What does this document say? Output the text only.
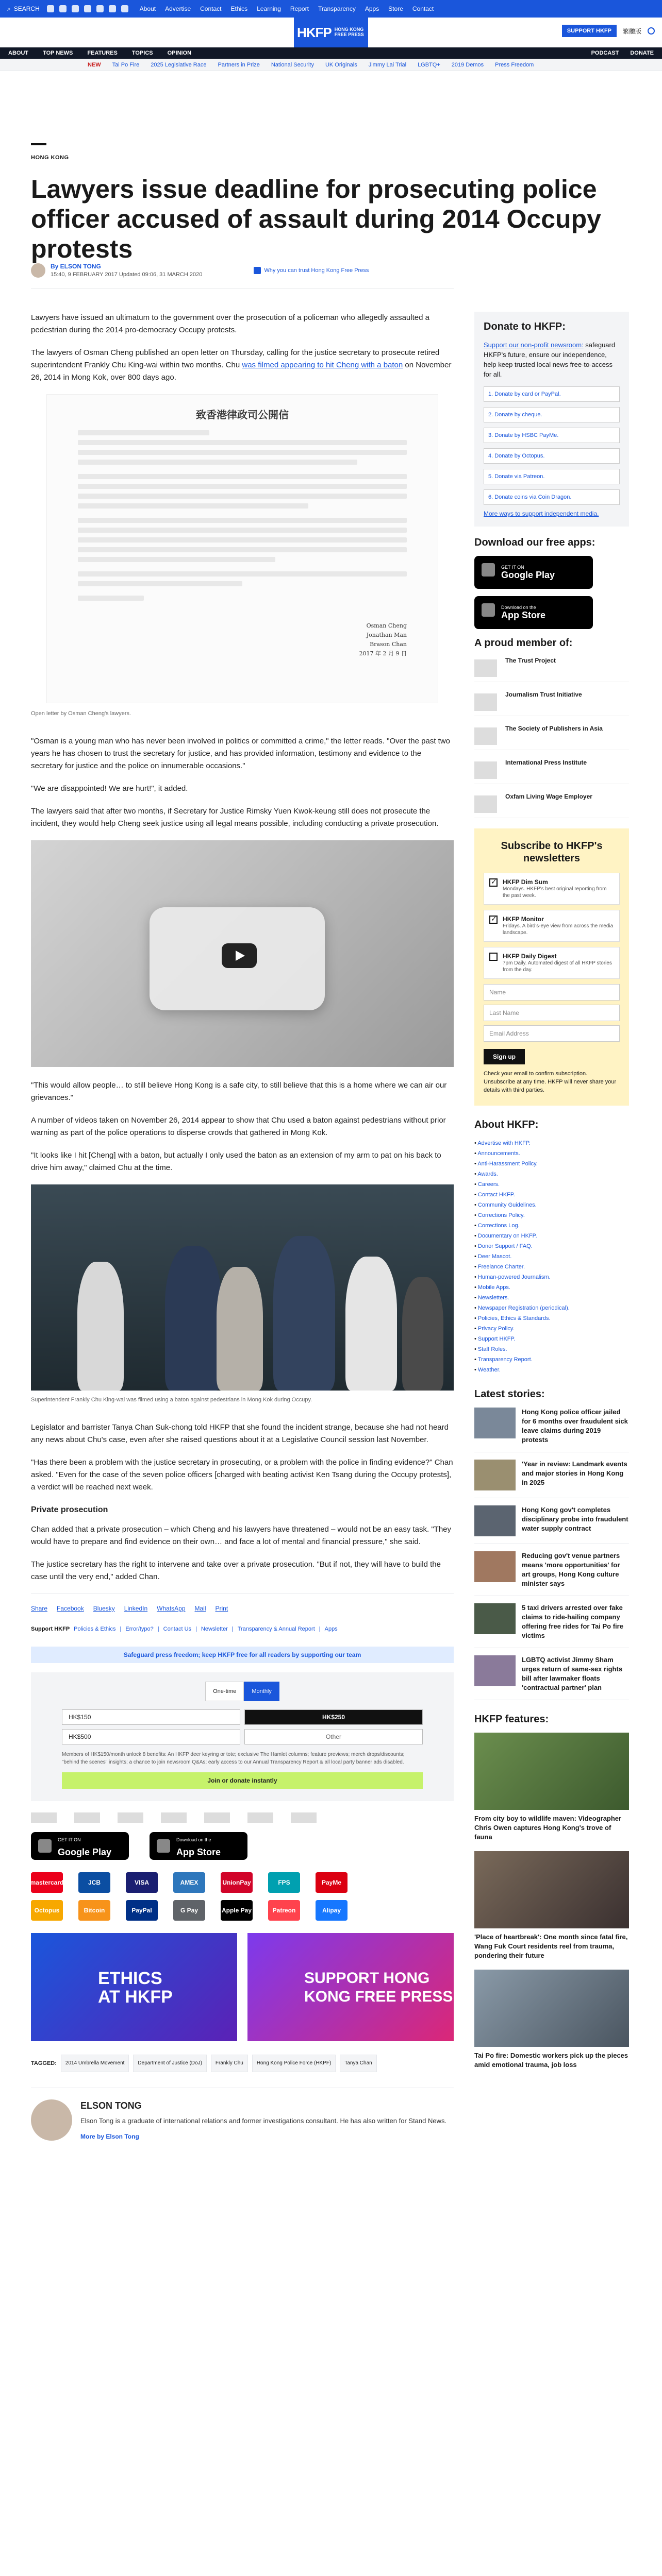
⌕ SEARCH	About Advertise Contact Ethics Learning Report Transparency Apps Store Contact
SUPPORT HKFP	繁體版
HKFP HONG KONG
FREE PRESS
ABOUT	TOP NEWS	FEATURES	TOPICS	OPINION	PODCAST DONATE
NEW Tai Po Fire 2025 Legislative Race Partners in Prize National Security UK Originals Jimmy Lai Trial LGBTQ+ 2019 Demos Press Freedom
HONG KONG
Lawyers issue deadline for prosecuting police officer accused of assault during 2014 Occupy protests
By ELSON TONG
15:40, 9 FEBRUARY 2017 Updated 09:06, 31 MARCH 2020
Why you can trust Hong Kong Free Press

Lawyers have issued an ultimatum to the government over the prosecution of a policeman who allegedly assaulted a pedestrian during the 2014 pro-democracy Occupy protests.

The lawyers of Osman Cheng published an open letter on Thursday, calling for the justice secretary to prosecute retired superintendent Frankly Chu King-wai within two months. Chu was filmed appearing to hit Cheng with a baton on November 26, 2014 in Mong Kok, over 800 days ago.

致香港律政司公開信
Osman Cheng
Jonathan Man
Brason Chan
2017 年 2 月 9 日
Open letter by Osman Cheng's lawyers.

"Osman is a young man who has never been involved in politics or committed a crime," the letter reads. "Over the past two years he has chosen to trust the secretary for justice, and has provided information, testimony and evidence to the secretary for justice and the police on innumerable occasions."

"We are disappointed! We are hurt!", it added.

The lawyers said that after two months, if Secretary for Justice Rimsky Yuen Kwok-keung still does not prosecute the incident, they would help Cheng seek justice using all legal means possible, including conducting a private prosecution.

"This would allow people… to still believe Hong Kong is a safe city, to still believe that this is a home where we can air our grievances."

A number of videos taken on November 26, 2014 appear to show that Chu used a baton against pedestrians without prior warning as part of the police operations to disperse crowds that gathered in Mong Kok.

"It looks like I hit [Cheng] with a baton, but actually I only used the baton as an extension of my arm to pat on his back to drive him away," claimed Chu at the time.

Superintendent Frankly Chu King-wai was filmed using a baton against pedestrians in Mong Kok during Occupy.

Legislator and barrister Tanya Chan Suk-chong told HKFP that she found the incident strange, because she had not heard any news about Chu's case, even after she raised questions about it at a Legislative Council session last November.

"Has there been a problem with the justice secretary in prosecuting, or a problem with the police in finding evidence?" Chan asked. "Even for the case of the seven police officers [charged with beating activist Ken Tsang during the Occupy protests], a verdict will be reached next week.

Private prosecution

Chan added that a private prosecution – which Cheng and his lawyers have threatened – would not be an easy task. "They would have to prepare and find evidence on their own… and face a lot of mental and financial pressure," she said.

The justice secretary has the right to intervene and take over a private prosecution. "But if not, they will have to build the case until the very end," added Chan.

Share Facebook Bluesky LinkedIn WhatsApp Mail Print
Support HKFP Policies & Ethics | Error/typo? | Contact Us | Newsletter | Transparency & Annual Report | Apps
Safeguard press freedom; keep HKFP free for all readers by supporting our team
One-time	Monthly
HK$150	HK$250
HK$500	Other
Members of HK$150/month unlock 8 benefits: An HKFP deer keyring or tote; exclusive The Hamlet columns; feature previews; merch drops/discounts; "behind the scenes" insights; a chance to join newsroom Q&As; early access to our Annual Transparency Report & all local party banner ads disabled.
Join or donate instantly
GET IT ON
Google Play
Download on the
App Store
mastercard	JCB	VISA	AMEX	UnionPay	FPS	PayMe
Octopus	Bitcoin	PayPal	G Pay	Apple Pay	Patreon	Alipay
ETHICS
AT HKFP
SUPPORT HONG
KONG FREE PRESS
TAGGED:	2014 Umbrella Movement	Department of Justice (DoJ)	Frankly Chu	Hong Kong Police Force (HKPF)	Tanya Chan
ELSON TONG
Elson Tong is a graduate of international relations and former investigations consultant. He has also written for Stand News.
More by Elson Tong
Donate to HKFP:
Support our non-profit newsroom: safeguard HKFP's future, ensure our independence, help keep trusted local news free-to-access for all.
1. Donate by card or PayPal.
2. Donate by cheque.
3. Donate by HSBC PayMe.
4. Donate by Octopus.
5. Donate via Patreon.
6. Donate coins via Coin Dragon.
More ways to support independent media.
Download our free apps:
GET IT ON
Google Play
Download on the
App Store
A proud member of:
The Trust Project
Journalism Trust Initiative
The Society of Publishers in Asia
International Press Institute
Oxfam Living Wage Employer
Subscribe to HKFP's newsletters
✓
HKFP Dim Sum
Mondays. HKFP's best original reporting from the past week.
✓
HKFP Monitor
Fridays. A bird's-eye view from across the media landscape.
HKFP Daily Digest
7pm Daily. Automated digest of all HKFP stories from the day.
Name
Last Name
Email Address
Sign up
Check your email to confirm subscription. Unsubscribe at any time. HKFP will never share your details with third parties.
About HKFP:
• Advertise with HKFP.
• Announcements.
• Anti-Harassment Policy.
• Awards.
• Careers.
• Contact HKFP.
• Community Guidelines.
• Corrections Policy.
• Corrections Log.
• Documentary on HKFP.
• Donor Support / FAQ.
• Deer Mascot.
• Freelance Charter.
• Human-powered Journalism.
• Mobile Apps.
• Newsletters.
• Newspaper Registration (periodical).
• Policies, Ethics & Standards.
• Privacy Policy.
• Support HKFP.
• Staff Roles.
• Transparency Report.
• Weather.
Latest stories:
Hong Kong police officer jailed for 6 months over fraudulent sick leave claims during 2019 protests
'Year in review: Landmark events and major stories in Hong Kong in 2025
Hong Kong gov't completes disciplinary probe into fraudulent water supply contract
Reducing gov't venue partners means 'more opportunities' for art groups, Hong Kong culture minister says
5 taxi drivers arrested over fake claims to ride-hailing company offering free rides for Tai Po fire victims
LGBTQ activist Jimmy Sham urges return of same-sex rights bill after lawmaker floats 'contractual partner' plan
HKFP features:
From city boy to wildlife maven: Videographer Chris Owen captures Hong Kong's trove of fauna
'Place of heartbreak': One month since fatal fire, Wang Fuk Court residents reel from trauma, pondering their future
Tai Po fire: Domestic workers pick up the pieces amid emotional trauma, job loss
